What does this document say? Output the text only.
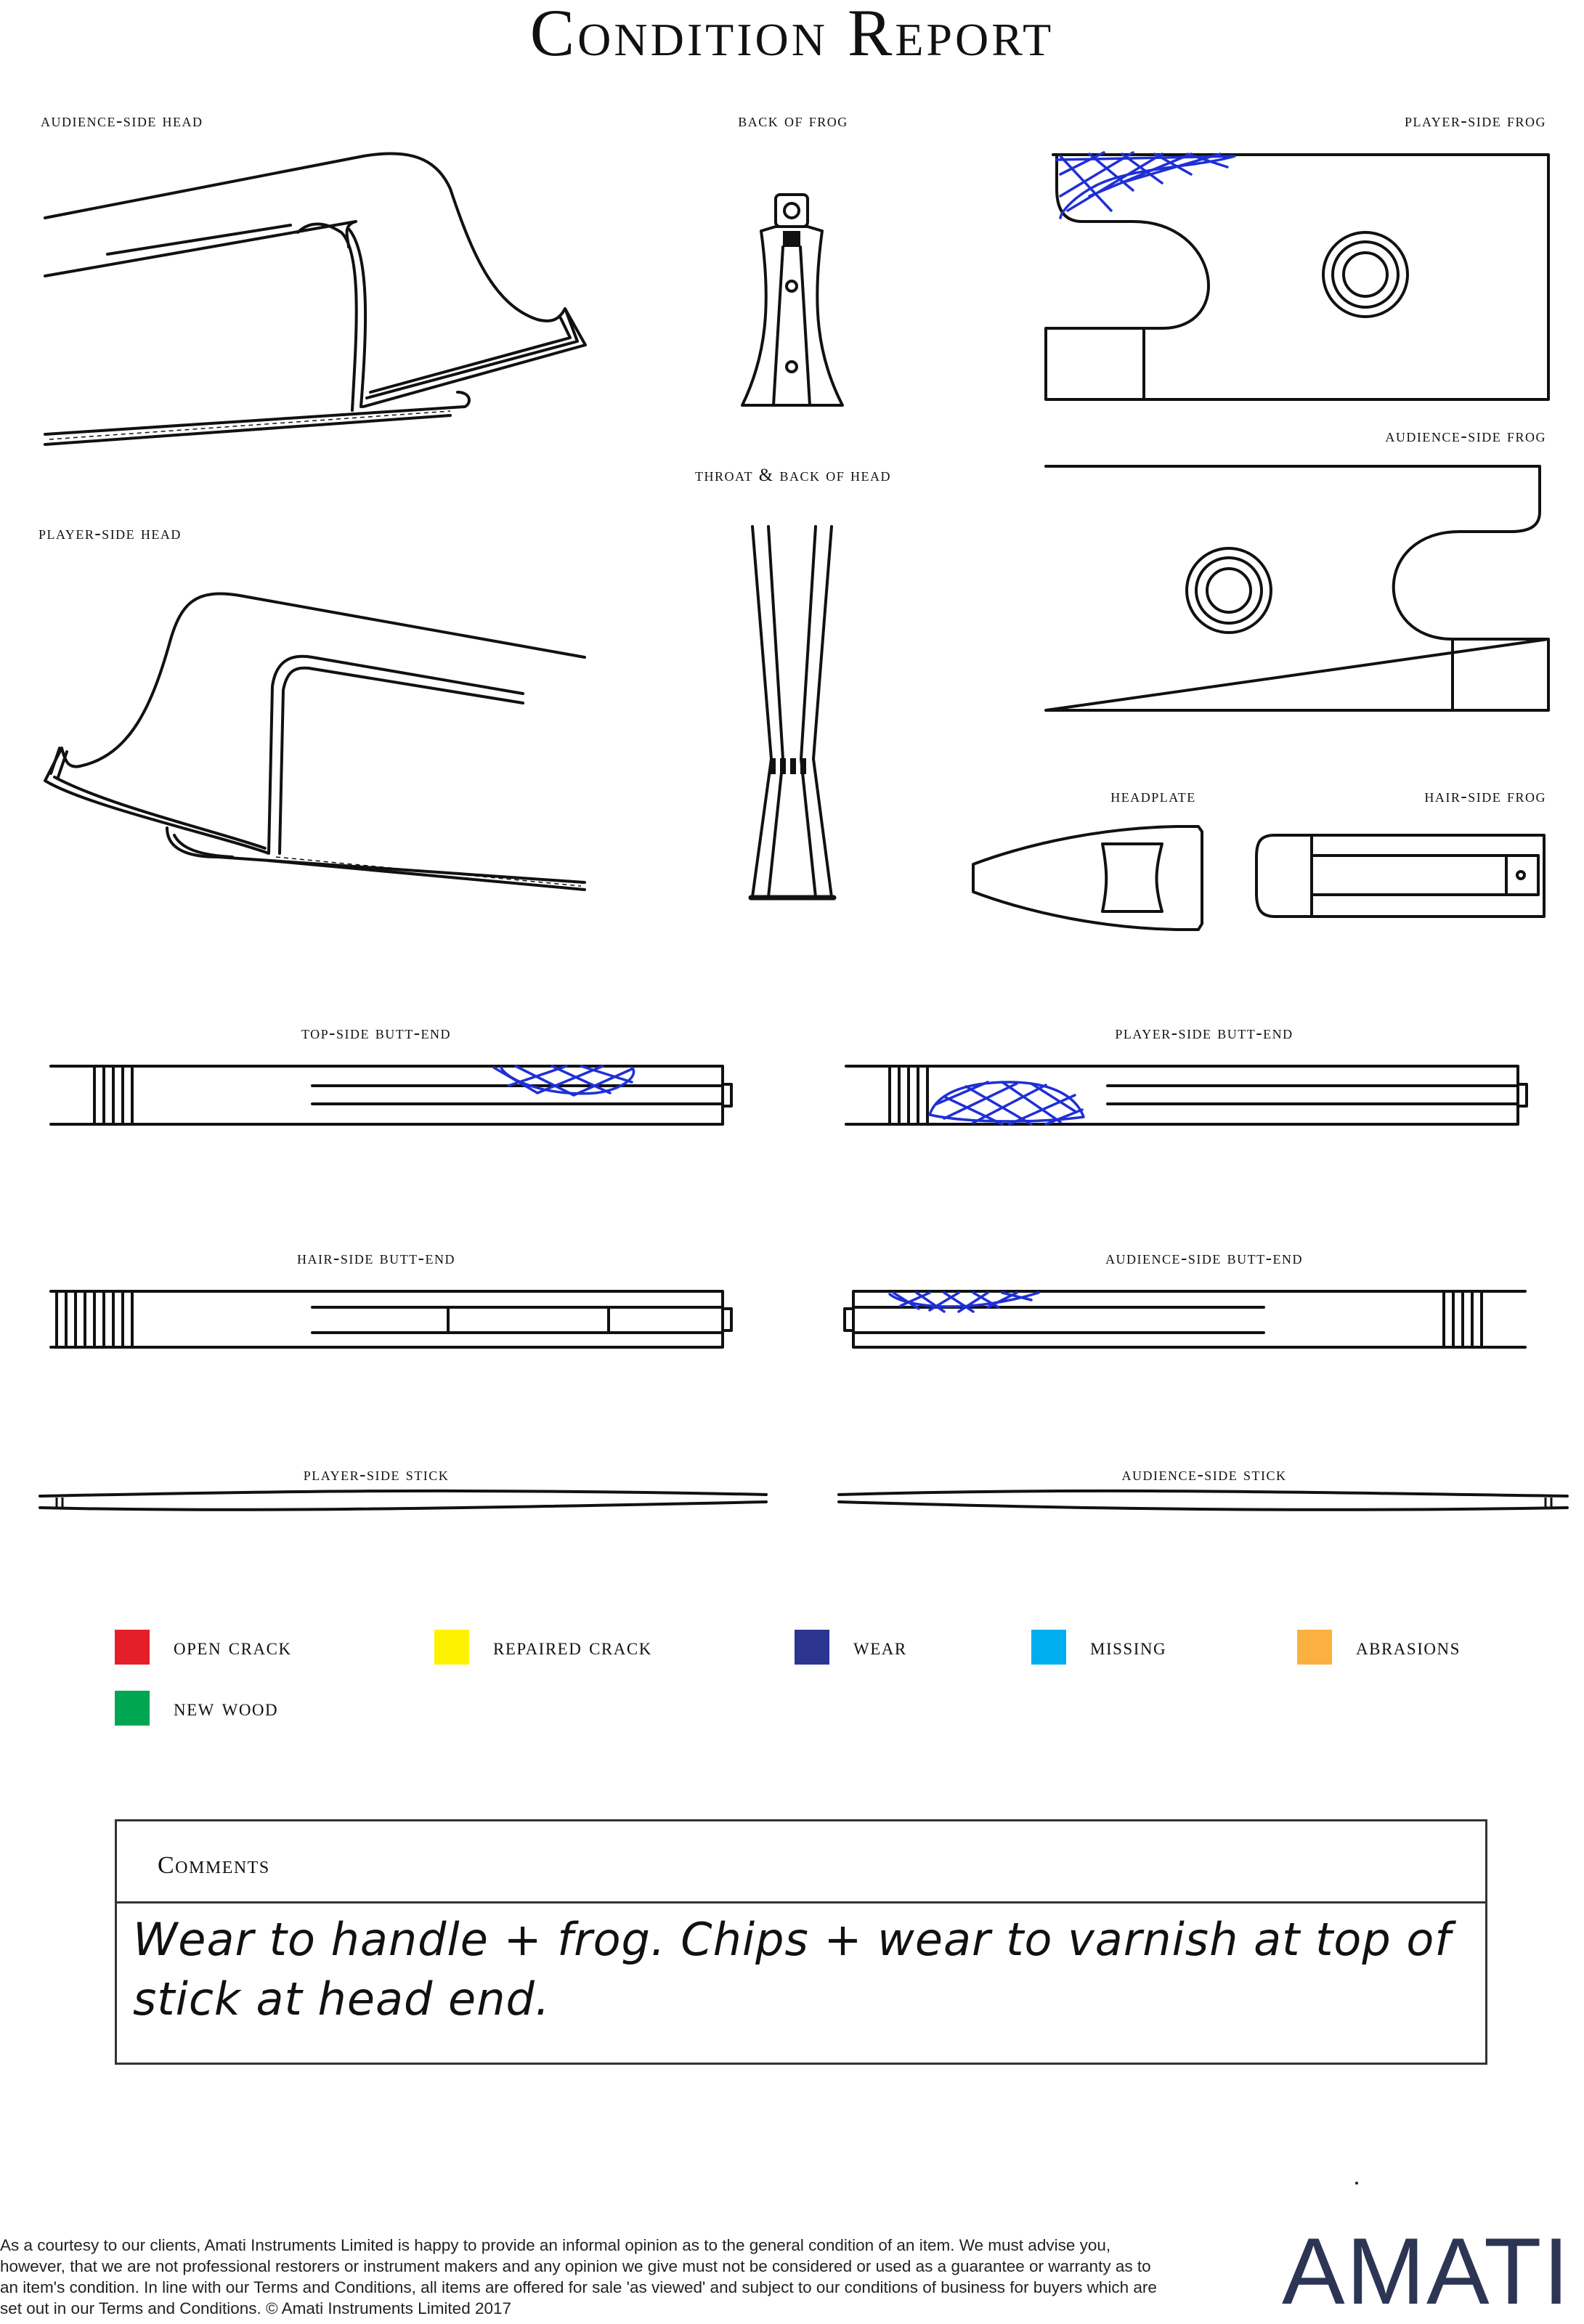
Condition Report
audience-side head	back of frog	player-side frog
audience-side frog
throat & back of head
player-side head
headplate	hair-side frog
top-side butt-end	player-side butt-end
hair-side butt-end	audience-side butt-end
player-side stick	audience-side stick
open crack	repaired crack	wear	missing	abrasions
new wood
Comments
Wear to handle + frog. Chips + wear to varnish at top of stick at head end.
As a courtesy to our clients, Amati Instruments Limited is happy to provide an informal opinion as to the general condition of an item. We must advise you, however, that we are not professional restorers or instrument makers and any opinion we give must not be considered or used as a guarantee or warranty as to an item's condition. In line with our Terms and Conditions, all items are offered for sale 'as viewed' and subject to our conditions of business for buyers which are set out in our Terms and Conditions. © Amati Instruments Limited 2017	AMATI
